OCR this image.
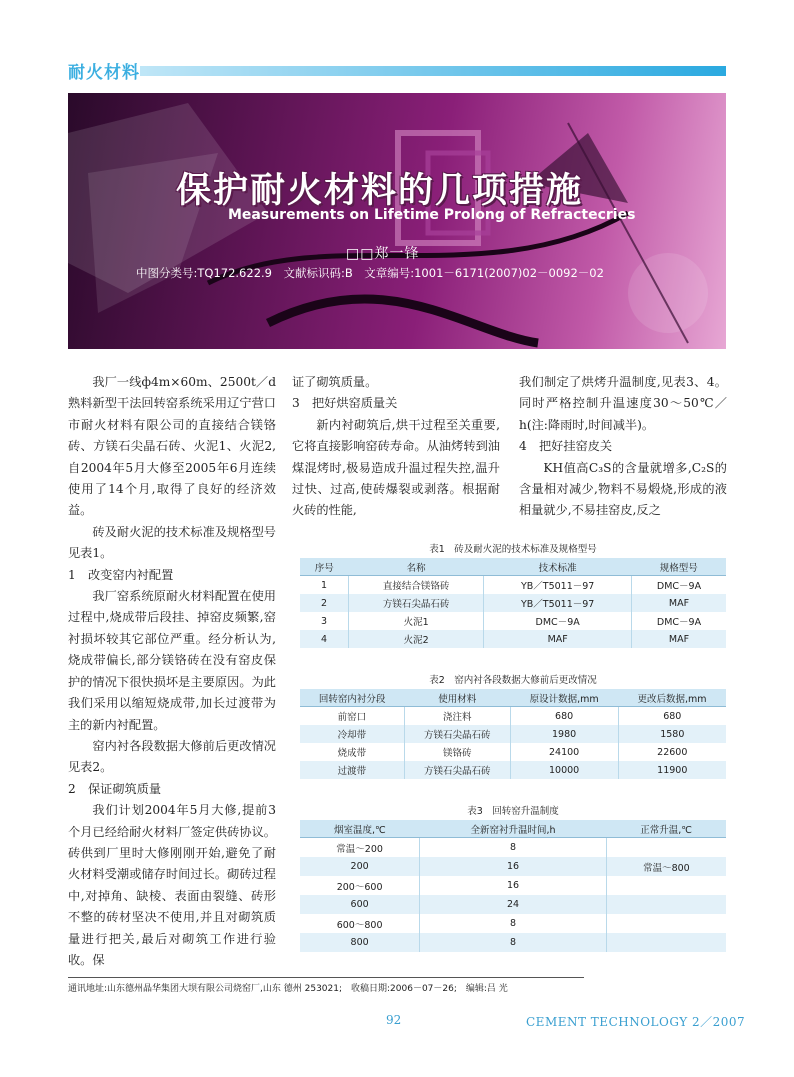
耐火材料
保护耐火材料的几项措施
Measurements on Lifetime Prolong of Refractecries
□□郑一锋
中图分类号:TQ172.622.9　文献标识码:B　文章编号:1001－6171(2007)02－0092－02

我厂一线ф4m×60m、2500t／d熟料新型干法回转窑系统采用辽宁营口市耐火材料有限公司的直接结合镁铬砖、方镁石尖晶石砖、火泥1、火泥2,自2004年5月大修至2005年6月连续使用了14个月,取得了良好的经济效益。

砖及耐火泥的技术标准及规格型号见表1。

1　改变窑内衬配置

我厂窑系统原耐火材料配置在使用过程中,烧成带后段挂、掉窑皮频繁,窑衬损坏较其它部位严重。经分析认为,烧成带偏长,部分镁铬砖在没有窑皮保护的情况下很快损坏是主要原因。为此我们采用以缩短烧成带,加长过渡带为主的新内衬配置。

窑内衬各段数据大修前后更改情况见表2。

2　保证砌筑质量

我们计划2004年5月大修,提前3个月已经给耐火材料厂签定供砖协议。砖供到厂里时大修刚刚开始,避免了耐火材料受潮或储存时间过长。砌砖过程中,对掉角、缺棱、表面由裂缝、砖形不整的砖材坚决不使用,并且对砌筑质量进行把关,最后对砌筑工作进行验收。保

证了砌筑质量。

3　把好烘窑质量关

新内衬砌筑后,烘干过程至关重要,它将直接影响窑砖寿命。从油烤转到油煤混烤时,极易造成升温过程失控,温升过快、过高,使砖爆裂或剥落。根据耐火砖的性能,

我们制定了烘烤升温制度,见表3、4。同时严格控制升温速度30～50℃／h(注:降雨时,时间减半)。

4　把好挂窑皮关

KH值高C₃S的含量就增多,C₂S的含量相对减少,物料不易煅烧,形成的液相量就少,不易挂窑皮,反之

表1　砖及耐火泥的技术标准及规格型号
序号	名称	技术标准	规格型号
1	直接结合镁铬砖	YB／T5011－97	DMC－9A
2	方镁石尖晶石砖	YB／T5011－97	MAF
3	火泥1	DMC－9A	DMC－9A
4	火泥2	MAF	MAF
表2　窑内衬各段数据大修前后更改情况
回转窑内衬分段	使用材料	原设计数据,mm	更改后数据,mm
前窑口	浇注料	680	680
冷却带	方镁石尖晶石砖	1980	1580
烧成带	镁铬砖	24100	22600
过渡带	方镁石尖晶石砖	10000	11900
表3　回转窑升温制度
烟室温度,℃	全新窑衬升温时间,h	正常升温,℃
常温～200	8	
200	16	常温～800
200～600	16	
600	24	
600～800	8	
800	8	
通讯地址:山东德州晶华集团大坝有限公司烧窑厂,山东 德州 253021;　收稿日期:2006－07－26;　编辑:吕 光
92	CEMENT TECHNOLOGY 2／2007
